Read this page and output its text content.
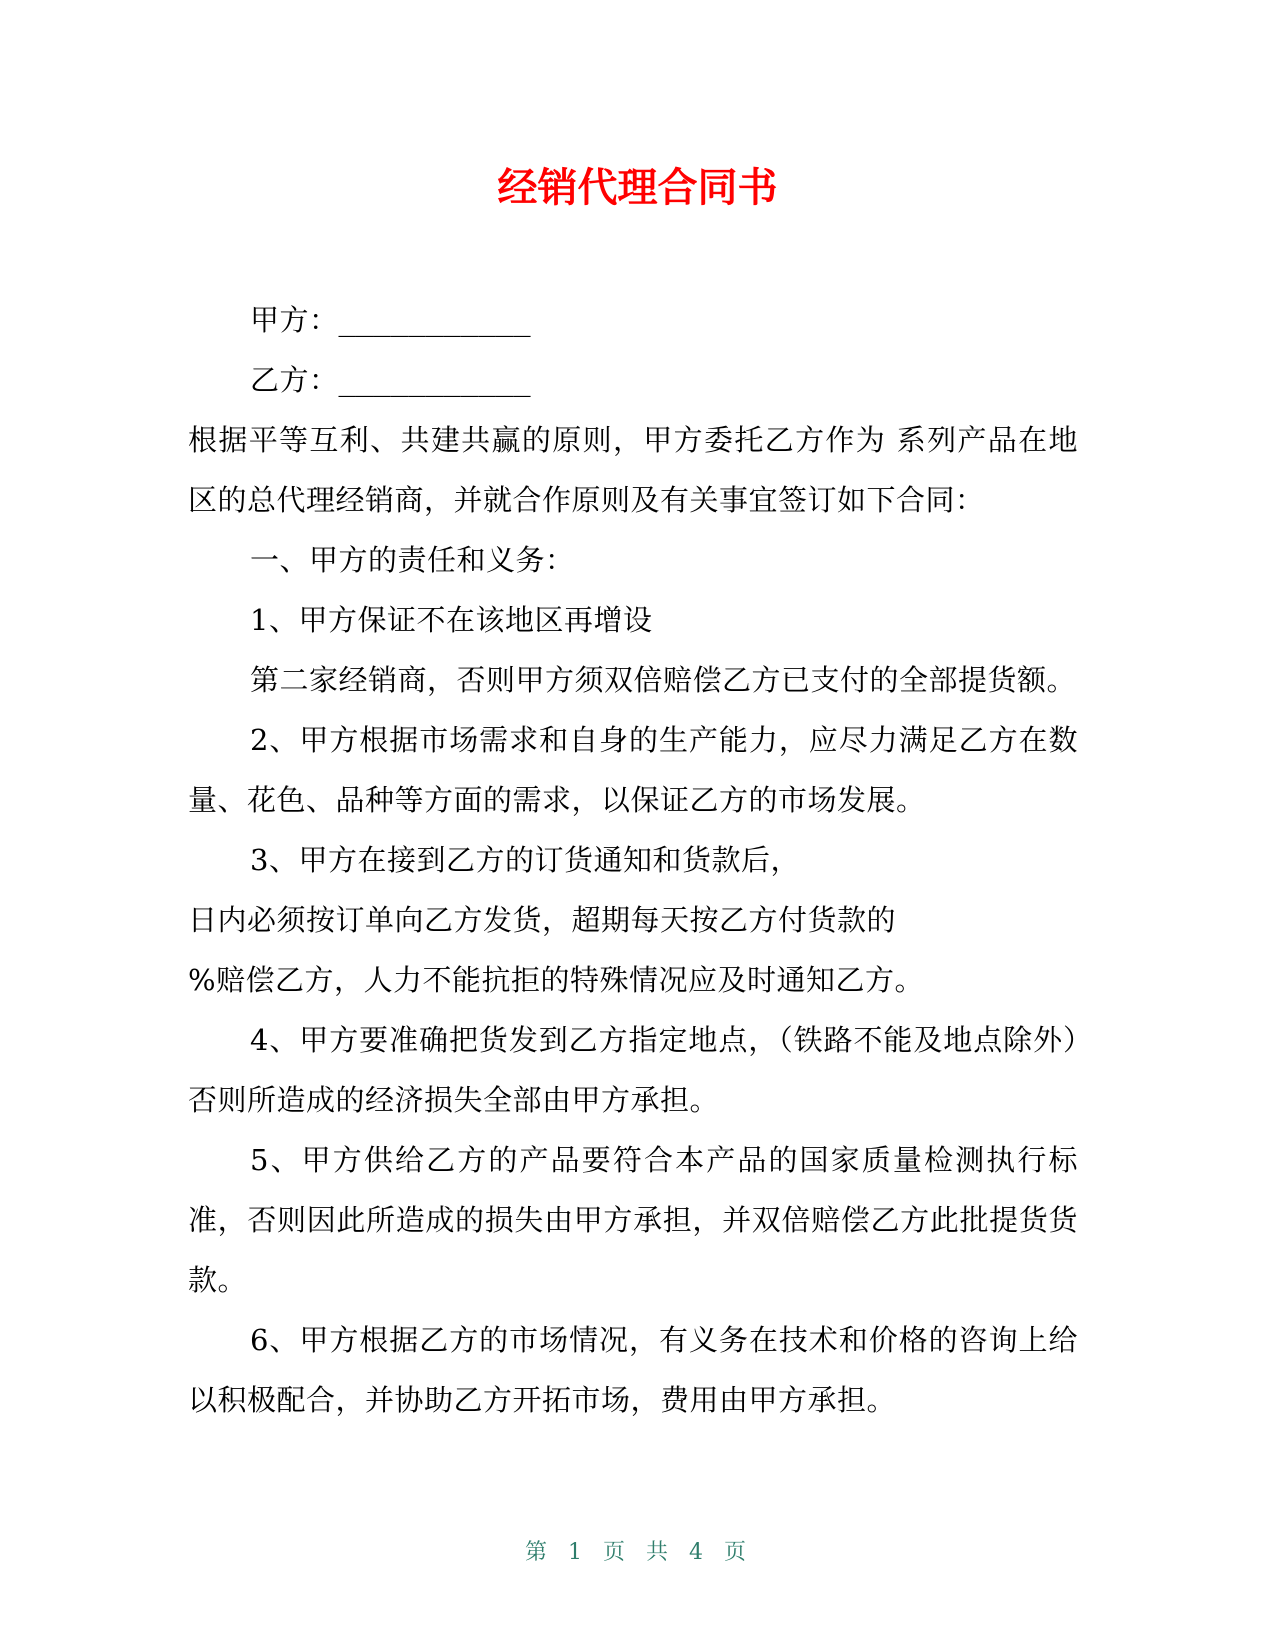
经销代理合同书

甲方：___________

乙方：___________

根据平等互利、共建共赢的原则，甲方委托乙方作为 系列产品在地区的总代理经销商，并就合作原则及有关事宜签订如下合同：

一、甲方的责任和义务：

1、甲方保证不在该地区再增设

第二家经销商，否则甲方须双倍赔偿乙方已支付的全部提货额。

2、甲方根据市场需求和自身的生产能力，应尽力满足乙方在数量、花色、品种等方面的需求，以保证乙方的市场发展。

3、甲方在接到乙方的订货通知和货款后，

日内必须按订单向乙方发货，超期每天按乙方付货款的

%赔偿乙方，人力不能抗拒的特殊情况应及时通知乙方。

4、甲方要准确把货发到乙方指定地点，（铁路不能及地点除外）否则所造成的经济损失全部由甲方承担。

5、甲方供给乙方的产品要符合本产品的国家质量检测执行标准，否则因此所造成的损失由甲方承担，并双倍赔偿乙方此批提货货款。

6、甲方根据乙方的市场情况，有义务在技术和价格的咨询上给以积极配合，并协助乙方开拓市场，费用由甲方承担。

第 1 页 共 4 页
